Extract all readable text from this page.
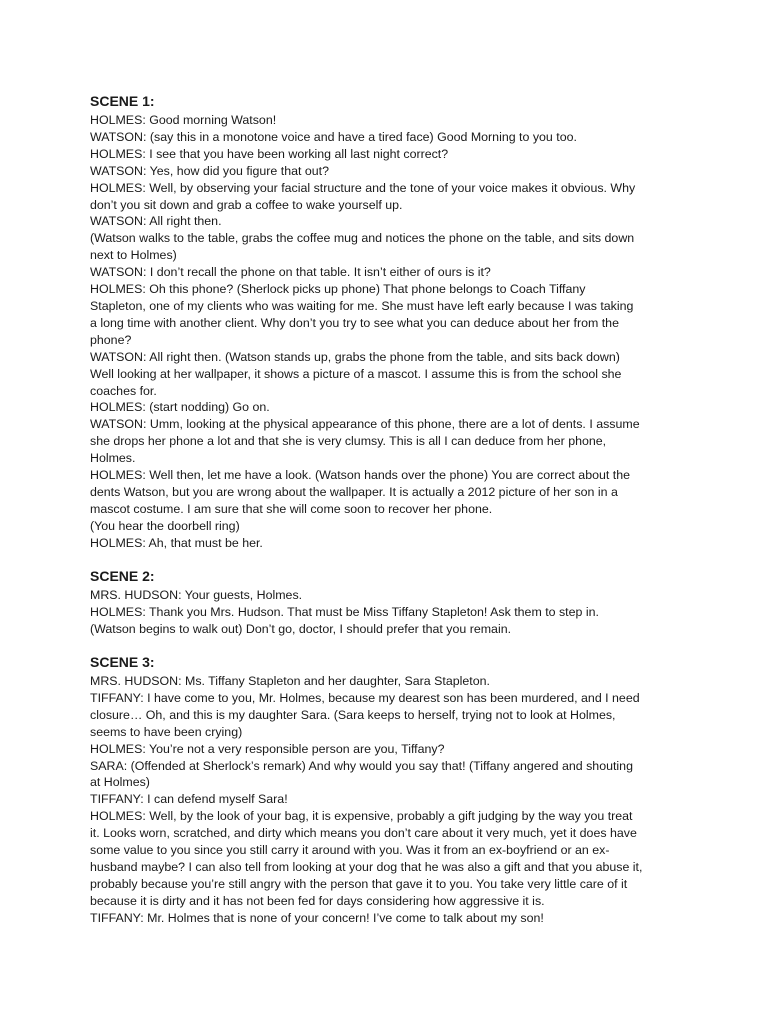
SCENE 1:
HOLMES: Good morning Watson!
WATSON: (say this in a monotone voice and have a tired face) Good Morning to you too.
HOLMES: I see that you have been working all last night correct?
WATSON: Yes, how did you figure that out?
HOLMES: Well, by observing your facial structure and the tone of your voice makes it obvious. Why
don’t you sit down and grab a coffee to wake yourself up.
WATSON: All right then.
(Watson walks to the table, grabs the coffee mug and notices the phone on the table, and sits down
next to Holmes)
WATSON: I don’t recall the phone on that table. It isn’t either of ours is it?
HOLMES: Oh this phone? (Sherlock picks up phone) That phone belongs to Coach Tiffany
Stapleton, one of my clients who was waiting for me. She must have left early because I was taking
a long time with another client. Why don’t you try to see what you can deduce about her from the
phone?
WATSON: All right then. (Watson stands up, grabs the phone from the table, and sits back down)
Well looking at her wallpaper, it shows a picture of a mascot. I assume this is from the school she
coaches for.
HOLMES: (start nodding) Go on.
WATSON: Umm, looking at the physical appearance of this phone, there are a lot of dents. I assume
she drops her phone a lot and that she is very clumsy. This is all I can deduce from her phone,
Holmes.
HOLMES: Well then, let me have a look. (Watson hands over the phone) You are correct about the
dents Watson, but you are wrong about the wallpaper. It is actually a 2012 picture of her son in a
mascot costume. I am sure that she will come soon to recover her phone.
(You hear the doorbell ring)
HOLMES: Ah, that must be her.
SCENE 2:
MRS. HUDSON: Your guests, Holmes.
HOLMES: Thank you Mrs. Hudson. That must be Miss Tiffany Stapleton! Ask them to step in.
(Watson begins to walk out) Don’t go, doctor, I should prefer that you remain.
SCENE 3:
MRS. HUDSON: Ms. Tiffany Stapleton and her daughter, Sara Stapleton.
TIFFANY: I have come to you, Mr. Holmes, because my dearest son has been murdered, and I need
closure… Oh, and this is my daughter Sara. (Sara keeps to herself, trying not to look at Holmes,
seems to have been crying)
HOLMES: You’re not a very responsible person are you, Tiffany?
SARA: (Offended at Sherlock’s remark) And why would you say that! (Tiffany angered and shouting
at Holmes)
TIFFANY: I can defend myself Sara!
HOLMES: Well, by the look of your bag, it is expensive, probably a gift judging by the way you treat
it. Looks worn, scratched, and dirty which means you don’t care about it very much, yet it does have
some value to you since you still carry it around with you. Was it from an ex-boyfriend or an ex-
husband maybe? I can also tell from looking at your dog that he was also a gift and that you abuse it,
probably because you’re still angry with the person that gave it to you. You take very little care of it
because it is dirty and it has not been fed for days considering how aggressive it is.
TIFFANY: Mr. Holmes that is none of your concern! I’ve come to talk about my son!
